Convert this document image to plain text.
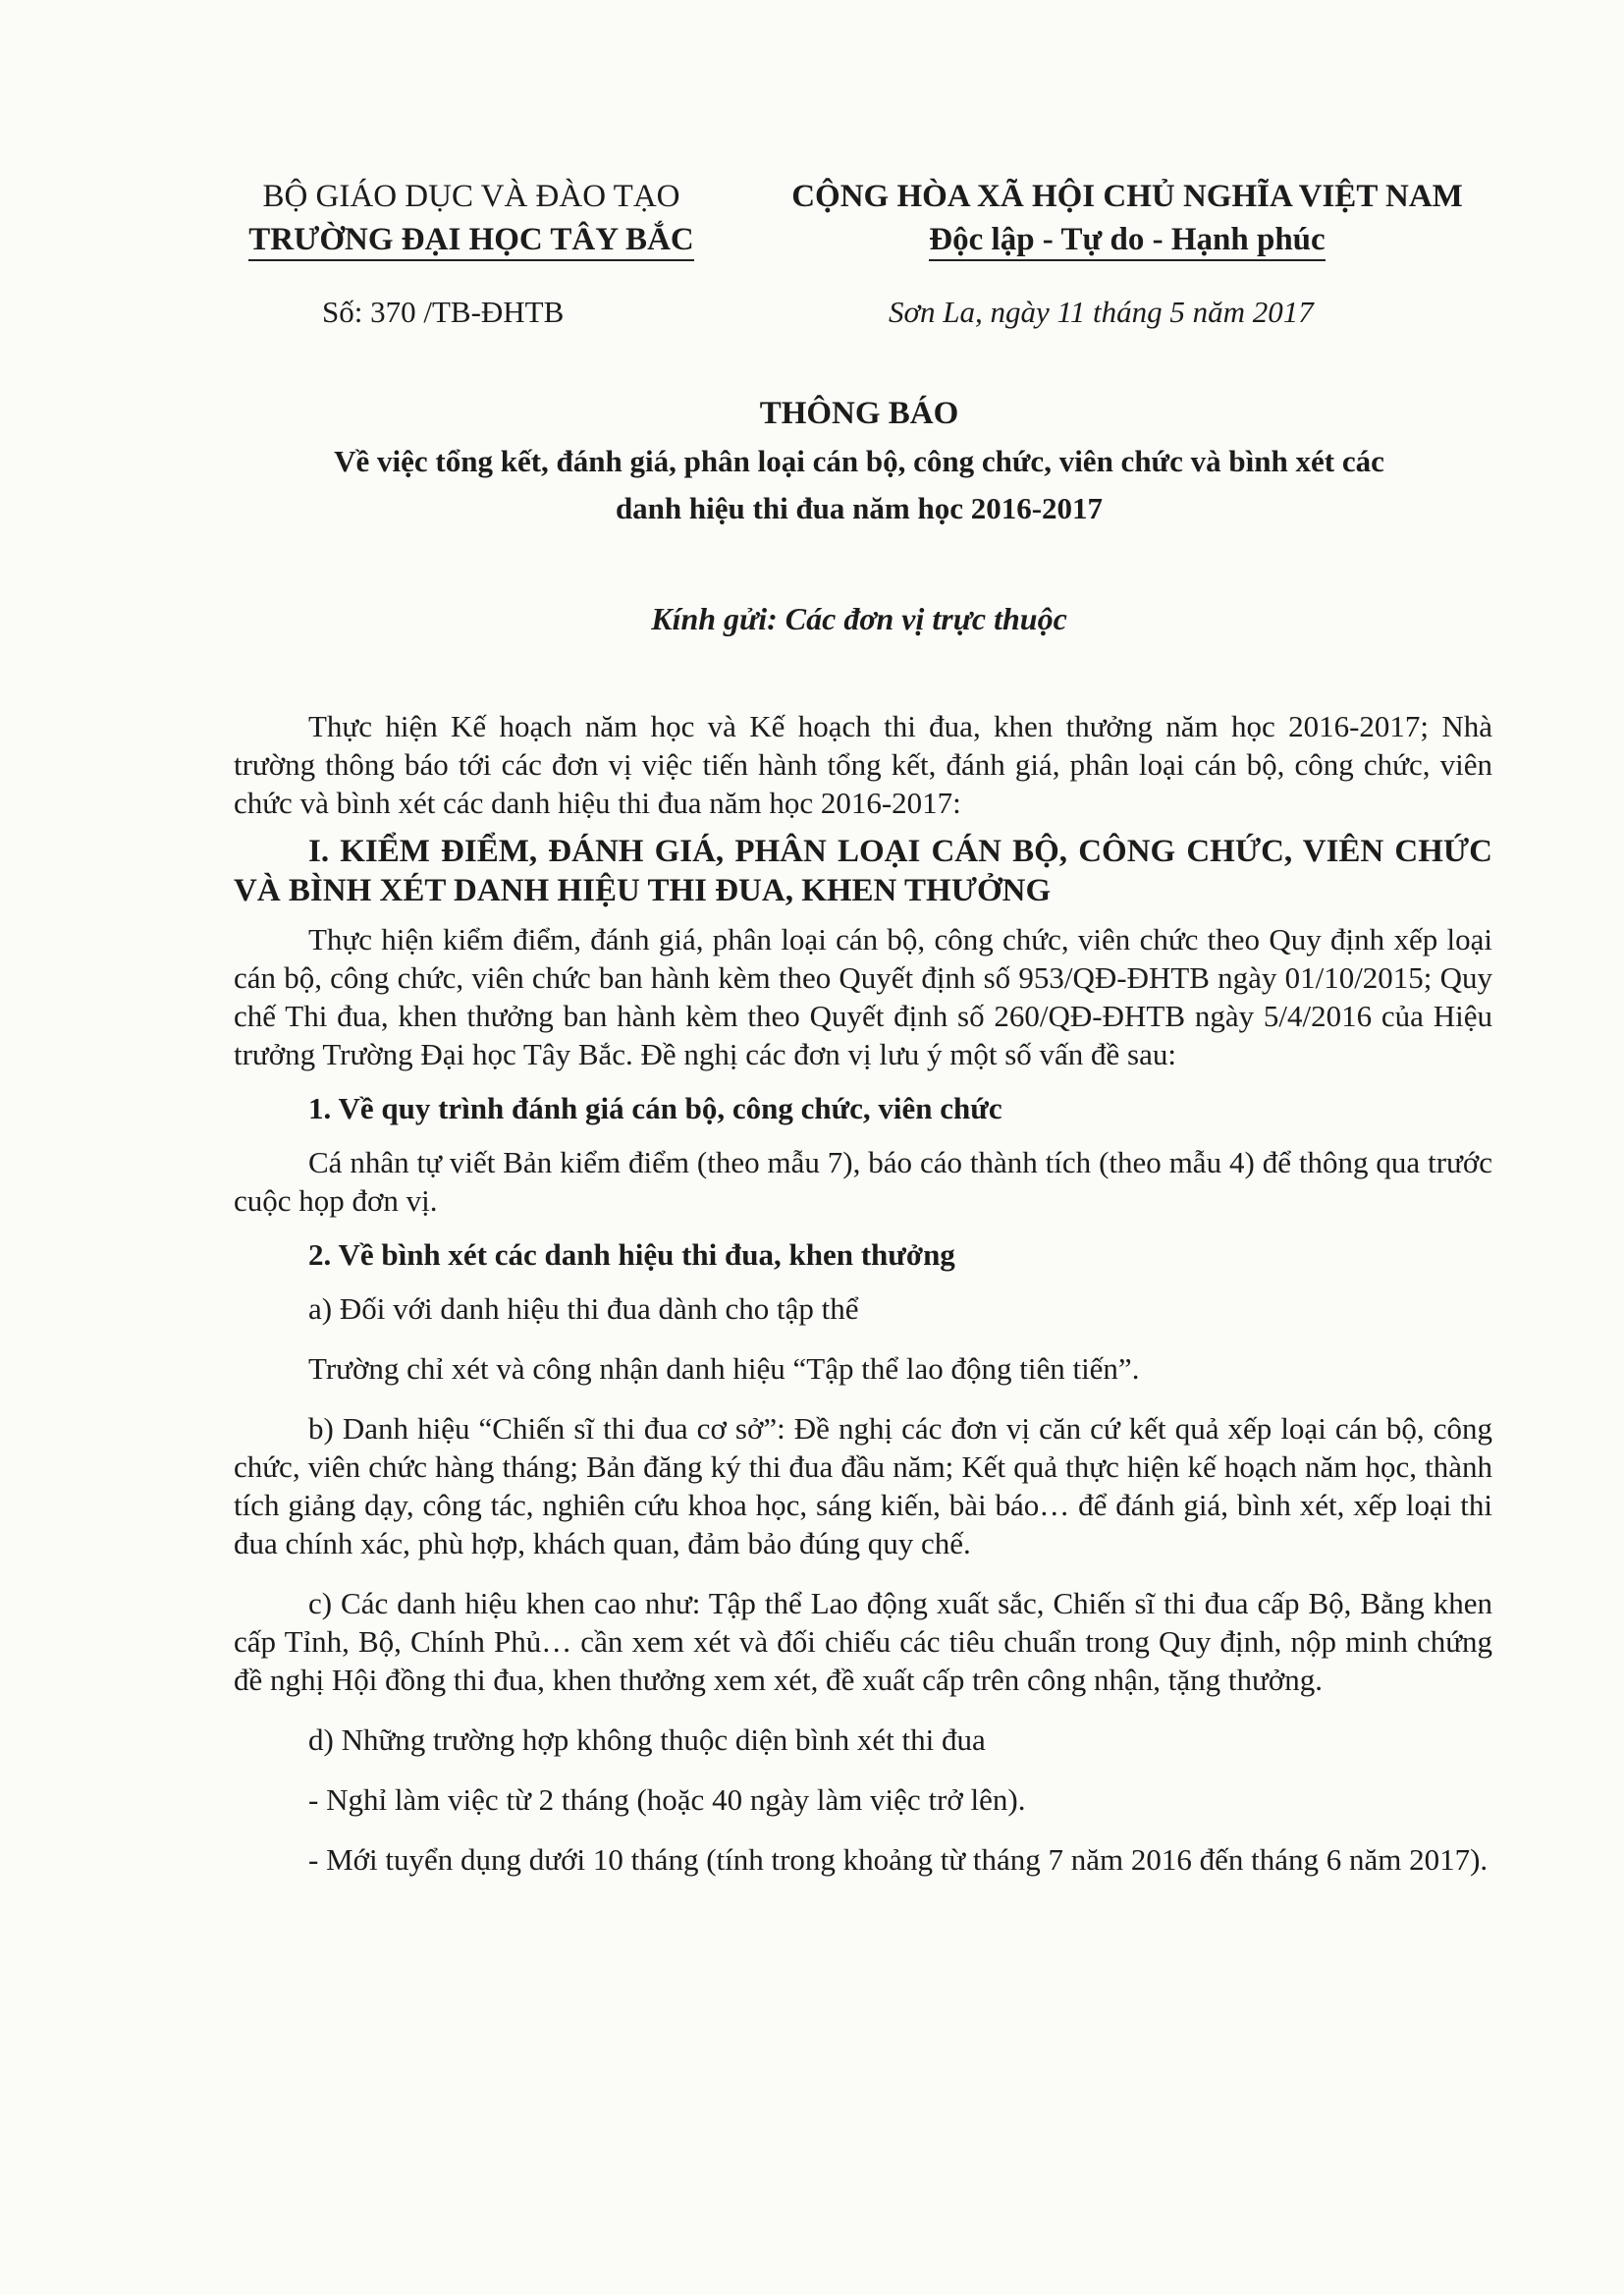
BỘ GIÁO DỤC VÀ ĐÀO TẠO
TRƯỜNG ĐẠI HỌC TÂY BẮC
CỘNG HÒA XÃ HỘI CHỦ NGHĨA VIỆT NAM
Độc lập - Tự do - Hạnh phúc
Số: 370 /TB-ĐHTB	Sơn La, ngày 11 tháng 5 năm 2017
THÔNG BÁO
Về việc tổng kết, đánh giá, phân loại cán bộ, công chức, viên chức và bình xét các
danh hiệu thi đua năm học 2016-2017
Kính gửi: Các đơn vị trực thuộc

Thực hiện Kế hoạch năm học và Kế hoạch thi đua, khen thưởng năm học 2016-2017; Nhà trường thông báo tới các đơn vị việc tiến hành tổng kết, đánh giá, phân loại cán bộ, công chức, viên chức và bình xét các danh hiệu thi đua năm học 2016-2017:

I. KIỂM ĐIỂM, ĐÁNH GIÁ, PHÂN LOẠI CÁN BỘ, CÔNG CHỨC, VIÊN CHỨC VÀ BÌNH XÉT DANH HIỆU THI ĐUA, KHEN THƯỞNG

Thực hiện kiểm điểm, đánh giá, phân loại cán bộ, công chức, viên chức theo Quy định xếp loại cán bộ, công chức, viên chức ban hành kèm theo Quyết định số 953/QĐ-ĐHTB ngày 01/10/2015; Quy chế Thi đua, khen thưởng ban hành kèm theo Quyết định số 260/QĐ-ĐHTB ngày 5/4/2016 của Hiệu trưởng Trường Đại học Tây Bắc. Đề nghị các đơn vị lưu ý một số vấn đề sau:

1. Về quy trình đánh giá cán bộ, công chức, viên chức

Cá nhân tự viết Bản kiểm điểm (theo mẫu 7), báo cáo thành tích (theo mẫu 4) để thông qua trước cuộc họp đơn vị.

2. Về bình xét các danh hiệu thi đua, khen thưởng

a) Đối với danh hiệu thi đua dành cho tập thể

Trường chỉ xét và công nhận danh hiệu “Tập thể lao động tiên tiến”.

b) Danh hiệu “Chiến sĩ thi đua cơ sở”: Đề nghị các đơn vị căn cứ kết quả xếp loại cán bộ, công chức, viên chức hàng tháng; Bản đăng ký thi đua đầu năm; Kết quả thực hiện kế hoạch năm học, thành tích giảng dạy, công tác, nghiên cứu khoa học, sáng kiến, bài báo… để đánh giá, bình xét, xếp loại thi đua chính xác, phù hợp, khách quan, đảm bảo đúng quy chế.

c) Các danh hiệu khen cao như: Tập thể Lao động xuất sắc, Chiến sĩ thi đua cấp Bộ, Bằng khen cấp Tỉnh, Bộ, Chính Phủ… cần xem xét và đối chiếu các tiêu chuẩn trong Quy định, nộp minh chứng đề nghị Hội đồng thi đua, khen thưởng xem xét, đề xuất cấp trên công nhận, tặng thưởng.

d) Những trường hợp không thuộc diện bình xét thi đua

- Nghỉ làm việc từ 2 tháng (hoặc 40 ngày làm việc trở lên).

- Mới tuyển dụng dưới 10 tháng (tính trong khoảng từ tháng 7 năm 2016 đến tháng 6 năm 2017).
